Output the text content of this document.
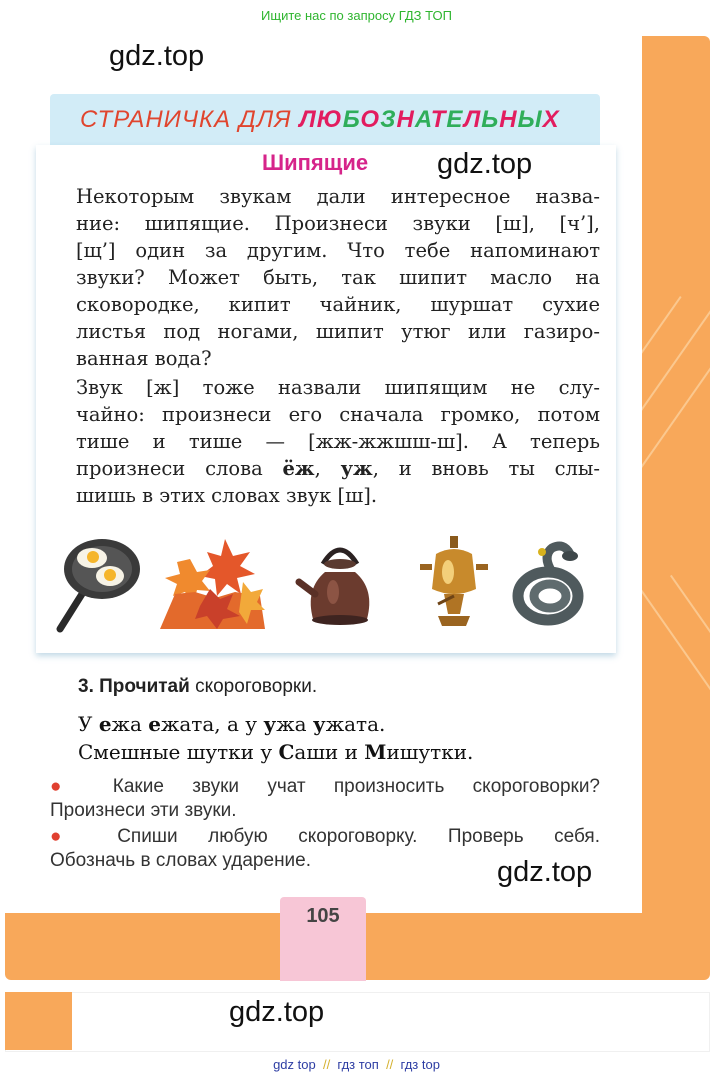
Ищите нас по запросу ГДЗ ТОП
gdz.top
СТРАНИЧКА ДЛЯ ЛЮБОЗНАТЕЛЬНЫХ
Шипящие gdz.top
Некоторым звукам дали интересное назва-
ние: шипящие. Произнеси звуки [ш], [ч’],
[щ’] один за другим. Что тебе напоминают
звуки? Может быть, так шипит масло на
сковородке, кипит чайник, шуршат сухие
листья под ногами, шипит утюг или газиро-
ванная вода?
Звук [ж] тоже назвали шипящим не слу-
чайно: произнеси его сначала громко, потом
тише и тише — [жж-жжшш-ш]. А теперь
произнеси слова ёж, уж, и вновь ты слы-
шишь в этих словах звук [ш].
3. Прочитай скороговорки.
У ежа ежата, а у ужа ужата.
Смешные шутки у Саши и Мишутки.
● Какие звуки учат произносить скороговорки?
Произнеси эти звуки.
● Спиши любую скороговорку. Проверь себя.
Обозначь в словах ударение.	gdz.top
105
gdz.top
gdz top // гдз топ // гдз top
